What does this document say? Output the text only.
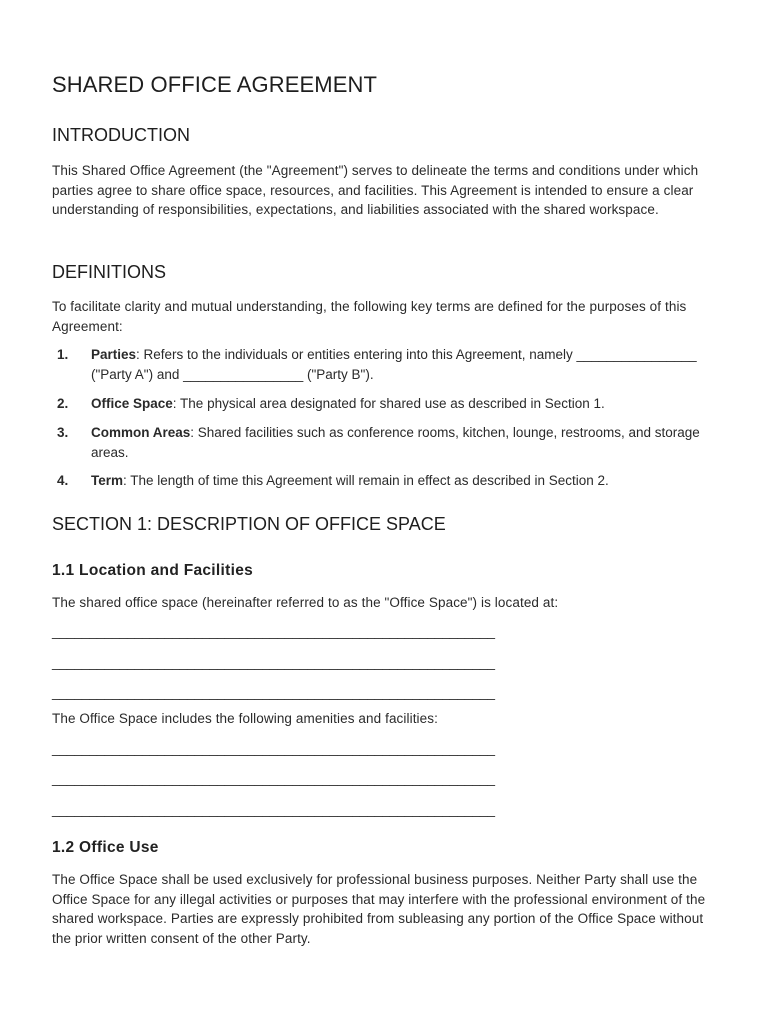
SHARED OFFICE AGREEMENT
INTRODUCTION
This Shared Office Agreement (the "Agreement") serves to delineate the terms and conditions under which parties agree to share office space, resources, and facilities. This Agreement is intended to ensure a clear understanding of responsibilities, expectations, and liabilities associated with the shared workspace.
DEFINITIONS
To facilitate clarity and mutual understanding, the following key terms are defined for the purposes of this Agreement:
1. Parties: Refers to the individuals or entities entering into this Agreement, namely ________________ ("Party A") and ________________ ("Party B").
2. Office Space: The physical area designated for shared use as described in Section 1.
3. Common Areas: Shared facilities such as conference rooms, kitchen, lounge, restrooms, and storage areas.
4. Term: The length of time this Agreement will remain in effect as described in Section 2.
SECTION 1: DESCRIPTION OF OFFICE SPACE
1.1 Location and Facilities
The shared office space (hereinafter referred to as the "Office Space") is located at:
___________________________________________________________
___________________________________________________________
___________________________________________________________
The Office Space includes the following amenities and facilities:
___________________________________________________________
___________________________________________________________
___________________________________________________________
1.2 Office Use
The Office Space shall be used exclusively for professional business purposes. Neither Party shall use the Office Space for any illegal activities or purposes that may interfere with the professional environment of the shared workspace. Parties are expressly prohibited from subleasing any portion of the Office Space without the prior written consent of the other Party.
